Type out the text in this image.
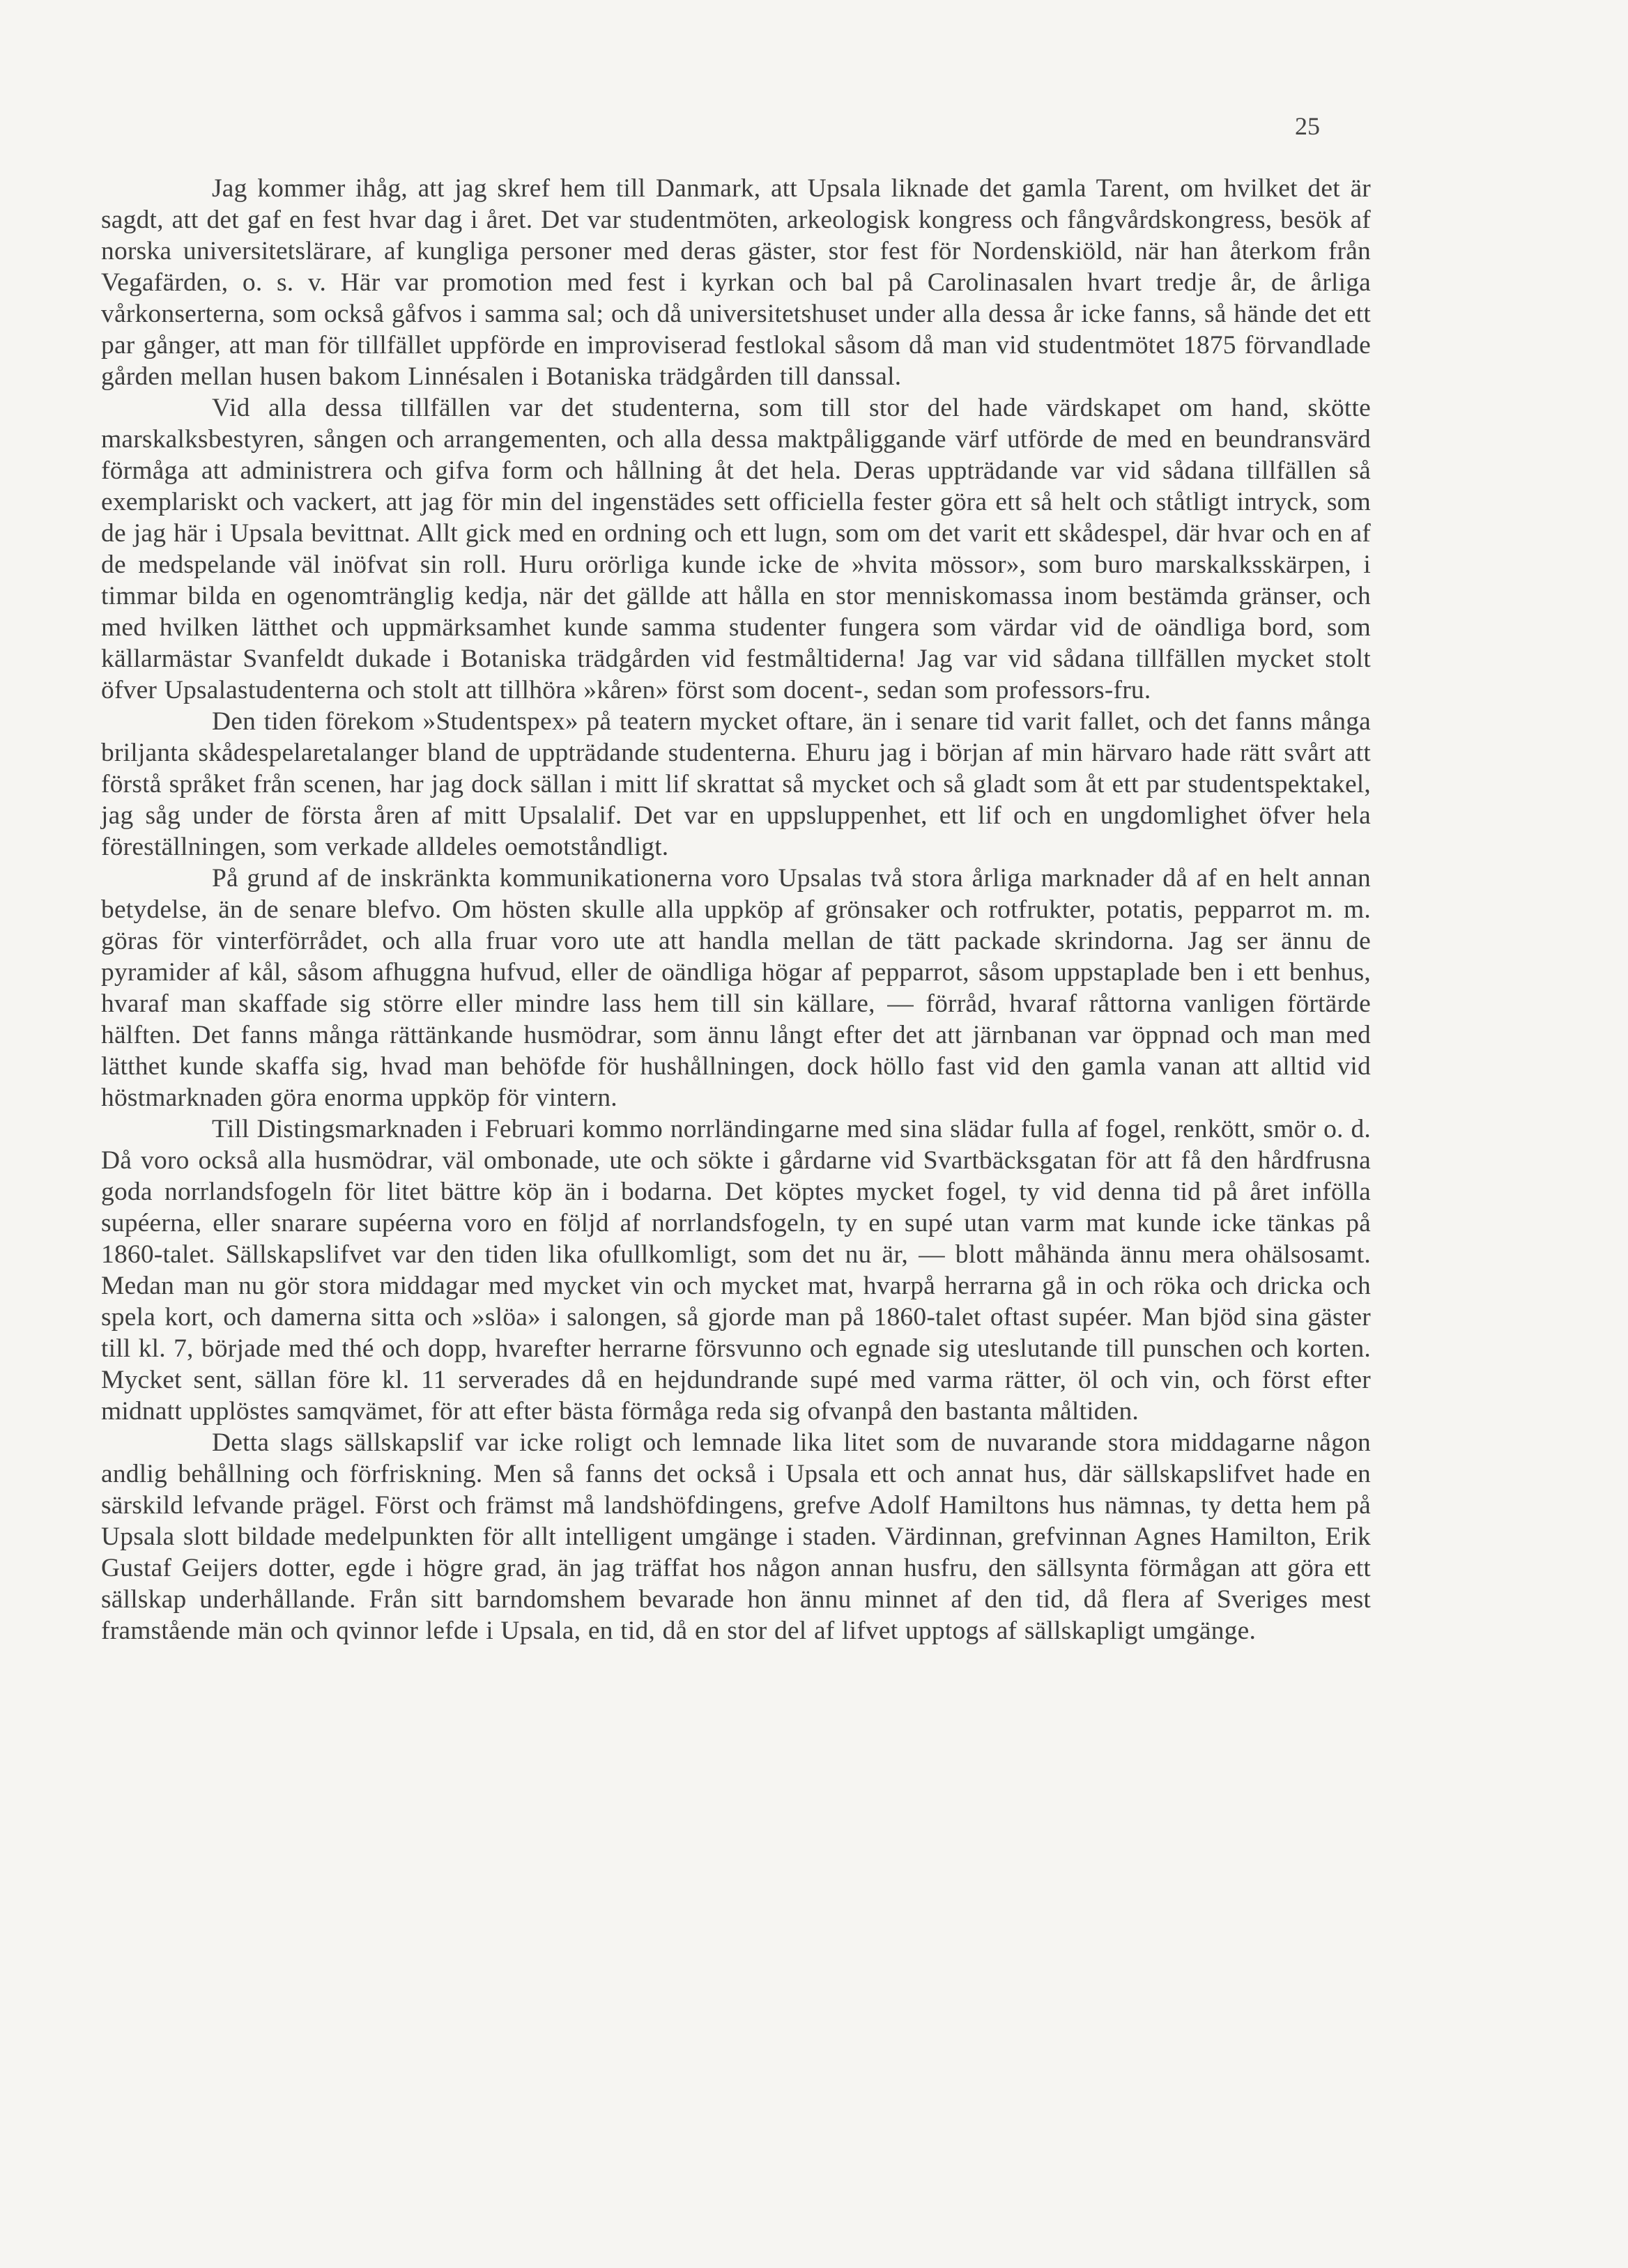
25

Jag kommer ihåg, att jag skref hem till Danmark, att Upsala liknade det gamla Tarent, om hvilket det är sagdt, att det gaf en fest hvar dag i året. Det var studentmöten, arkeologisk kongress och fångvårdskongress, besök af norska universitetslärare, af kungliga personer med deras gäster, stor fest för Nordenskiöld, när han återkom från Vegafärden, o. s. v. Här var promotion med fest i kyrkan och bal på Carolinasalen hvart tredje år, de årliga vårkonserterna, som också gåfvos i samma sal; och då universitetshuset under alla dessa år icke fanns, så hände det ett par gånger, att man för tillfället uppförde en improviserad festlokal såsom då man vid studentmötet 1875 förvandlade gården mellan husen bakom Linnésalen i Botaniska trädgården till danssal.

Vid alla dessa tillfällen var det studenterna, som till stor del hade värdskapet om hand, skötte marskalksbestyren, sången och arrangementen, och alla dessa maktpåliggande värf utförde de med en beundransvärd förmåga att administrera och gifva form och hållning åt det hela. Deras uppträdande var vid sådana tillfällen så exemplariskt och vackert, att jag för min del ingenstädes sett officiella fester göra ett så helt och ståtligt intryck, som de jag här i Upsala bevittnat. Allt gick med en ordning och ett lugn, som om det varit ett skådespel, där hvar och en af de medspelande väl inöfvat sin roll. Huru orörliga kunde icke de »hvita mössor», som buro marskalksskärpen, i timmar bilda en ogenomtränglig kedja, när det gällde att hålla en stor menniskomassa inom bestämda gränser, och med hvilken lätthet och uppmärksamhet kunde samma studenter fungera som värdar vid de oändliga bord, som källarmästar Svanfeldt dukade i Botaniska trädgården vid festmåltiderna! Jag var vid sådana tillfällen mycket stolt öfver Upsalastudenterna och stolt att tillhöra »kåren» först som docent-, sedan som professors-fru.

Den tiden förekom »Studentspex» på teatern mycket oftare, än i senare tid varit fallet, och det fanns många briljanta skådespelaretalanger bland de uppträdande studenterna. Ehuru jag i början af min härvaro hade rätt svårt att förstå språket från scenen, har jag dock sällan i mitt lif skrattat så mycket och så gladt som åt ett par studentspektakel, jag såg under de första åren af mitt Upsalalif. Det var en uppsluppenhet, ett lif och en ungdomlighet öfver hela föreställningen, som verkade alldeles oemotståndligt.

På grund af de inskränkta kommunikationerna voro Upsalas två stora årliga marknader då af en helt annan betydelse, än de senare blefvo. Om hösten skulle alla uppköp af grönsaker och rotfrukter, potatis, pepparrot m. m. göras för vinterförrådet, och alla fruar voro ute att handla mellan de tätt packade skrindorna. Jag ser ännu de pyramider af kål, såsom afhuggna hufvud, eller de oändliga högar af pepparrot, såsom uppstaplade ben i ett benhus, hvaraf man skaffade sig större eller mindre lass hem till sin källare, — förråd, hvaraf råttorna vanligen förtärde hälften. Det fanns många rättänkande husmödrar, som ännu långt efter det att järnbanan var öppnad och man med lätthet kunde skaffa sig, hvad man behöfde för hushållningen, dock höllo fast vid den gamla vanan att alltid vid höstmarknaden göra enorma uppköp för vintern.

Till Distingsmarknaden i Februari kommo norrländingarne med sina slädar fulla af fogel, renkött, smör o. d. Då voro också alla husmödrar, väl ombonade, ute och sökte i gårdarne vid Svartbäcksgatan för att få den hårdfrusna goda norrlandsfogeln för litet bättre köp än i bodarna. Det köptes mycket fogel, ty vid denna tid på året infölla supéerna, eller snarare supéerna voro en följd af norrlandsfogeln, ty en supé utan varm mat kunde icke tänkas på 1860-talet. Sällskapslifvet var den tiden lika ofullkomligt, som det nu är, — blott måhända ännu mera ohälsosamt. Medan man nu gör stora middagar med mycket vin och mycket mat, hvarpå herrarna gå in och röka och dricka och spela kort, och damerna sitta och »slöa» i salongen, så gjorde man på 1860-talet oftast supéer. Man bjöd sina gäster till kl. 7, började med thé och dopp, hvarefter herrarne försvunno och egnade sig uteslutande till punschen och korten. Mycket sent, sällan före kl. 11 serverades då en hejdundrande supé med varma rätter, öl och vin, och först efter midnatt upplöstes samqvämet, för att efter bästa förmåga reda sig ofvanpå den bastanta måltiden.

Detta slags sällskapslif var icke roligt och lemnade lika litet som de nuvarande stora middagarne någon andlig behållning och förfriskning. Men så fanns det också i Upsala ett och annat hus, där sällskapslifvet hade en särskild lefvande prägel. Först och främst må landshöfdingens, grefve Adolf Hamiltons hus nämnas, ty detta hem på Upsala slott bildade medelpunkten för allt intelligent umgänge i staden. Värdinnan, grefvinnan Agnes Hamilton, Erik Gustaf Geijers dotter, egde i högre grad, än jag träffat hos någon annan husfru, den sällsynta förmågan att göra ett sällskap underhållande. Från sitt barndomshem bevarade hon ännu minnet af den tid, då flera af Sveriges mest framstående män och qvinnor lefde i Upsala, en tid, då en stor del af lifvet upptogs af sällskapligt umgänge.
